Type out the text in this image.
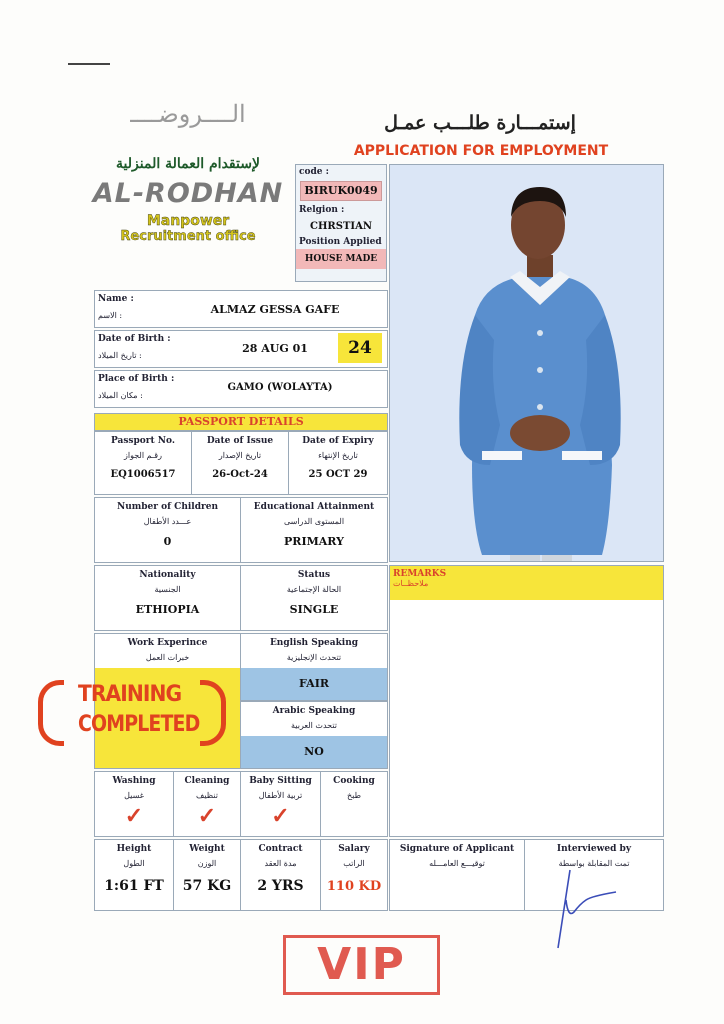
إستمـــارة طلـــب عمـل
APPLICATION FOR EMPLOYMENT
الــــروضــــ
لإستقدام العمالة المنزلية
AL-RODHAN
Manpower
Recruitment office
code :
BIRUK0049
Relgion :
CHRSTIAN
Position Applied
HOUSE MADE
Name :
الاسم :	ALMAZ GESSA GAFE
Date of Birth :
تاريخ الميلاد :
28 AUG 01	24
Place of Birth :
مكان الميلاد :
GAMO (WOLAYTA)
PASSPORT DETAILS
Passport No.
رقـم الجواز
EQ1006517
Date of Issue
تاريخ الإصدار
26-Oct-24
Date of Expiry
تاريخ الإنتهاء
25 OCT 29
Number of Children
عـــدد الأطفال
0
Educational Attainment
المستوى الدراسى
PRIMARY
Nationality
الجنسية
ETHIOPIA
Status
الحالة الإجتماعية
SINGLE
Work Experince
خبرات العمل
English Speaking
تتحدث الإنجليزية
FAIR
Arabic Speaking
تتحدث العربية
NO
TRAINING
COMPLETED
REMARKS
ملاحظــات
Washing
غسيل
✓
Cleaning
تنظيف
✓
Baby Sitting
تربية الأطفال
✓
Cooking
طبخ
Height
الطول
1:61 FT
Weight
الوزن
57 KG
Contract
مدة العقد
2 YRS
Salary
الراتب
110 KD
Signature of Applicant
توقيـــع العامـــله
Interviewed by
تمت المقابلة بواسطة
VIP
